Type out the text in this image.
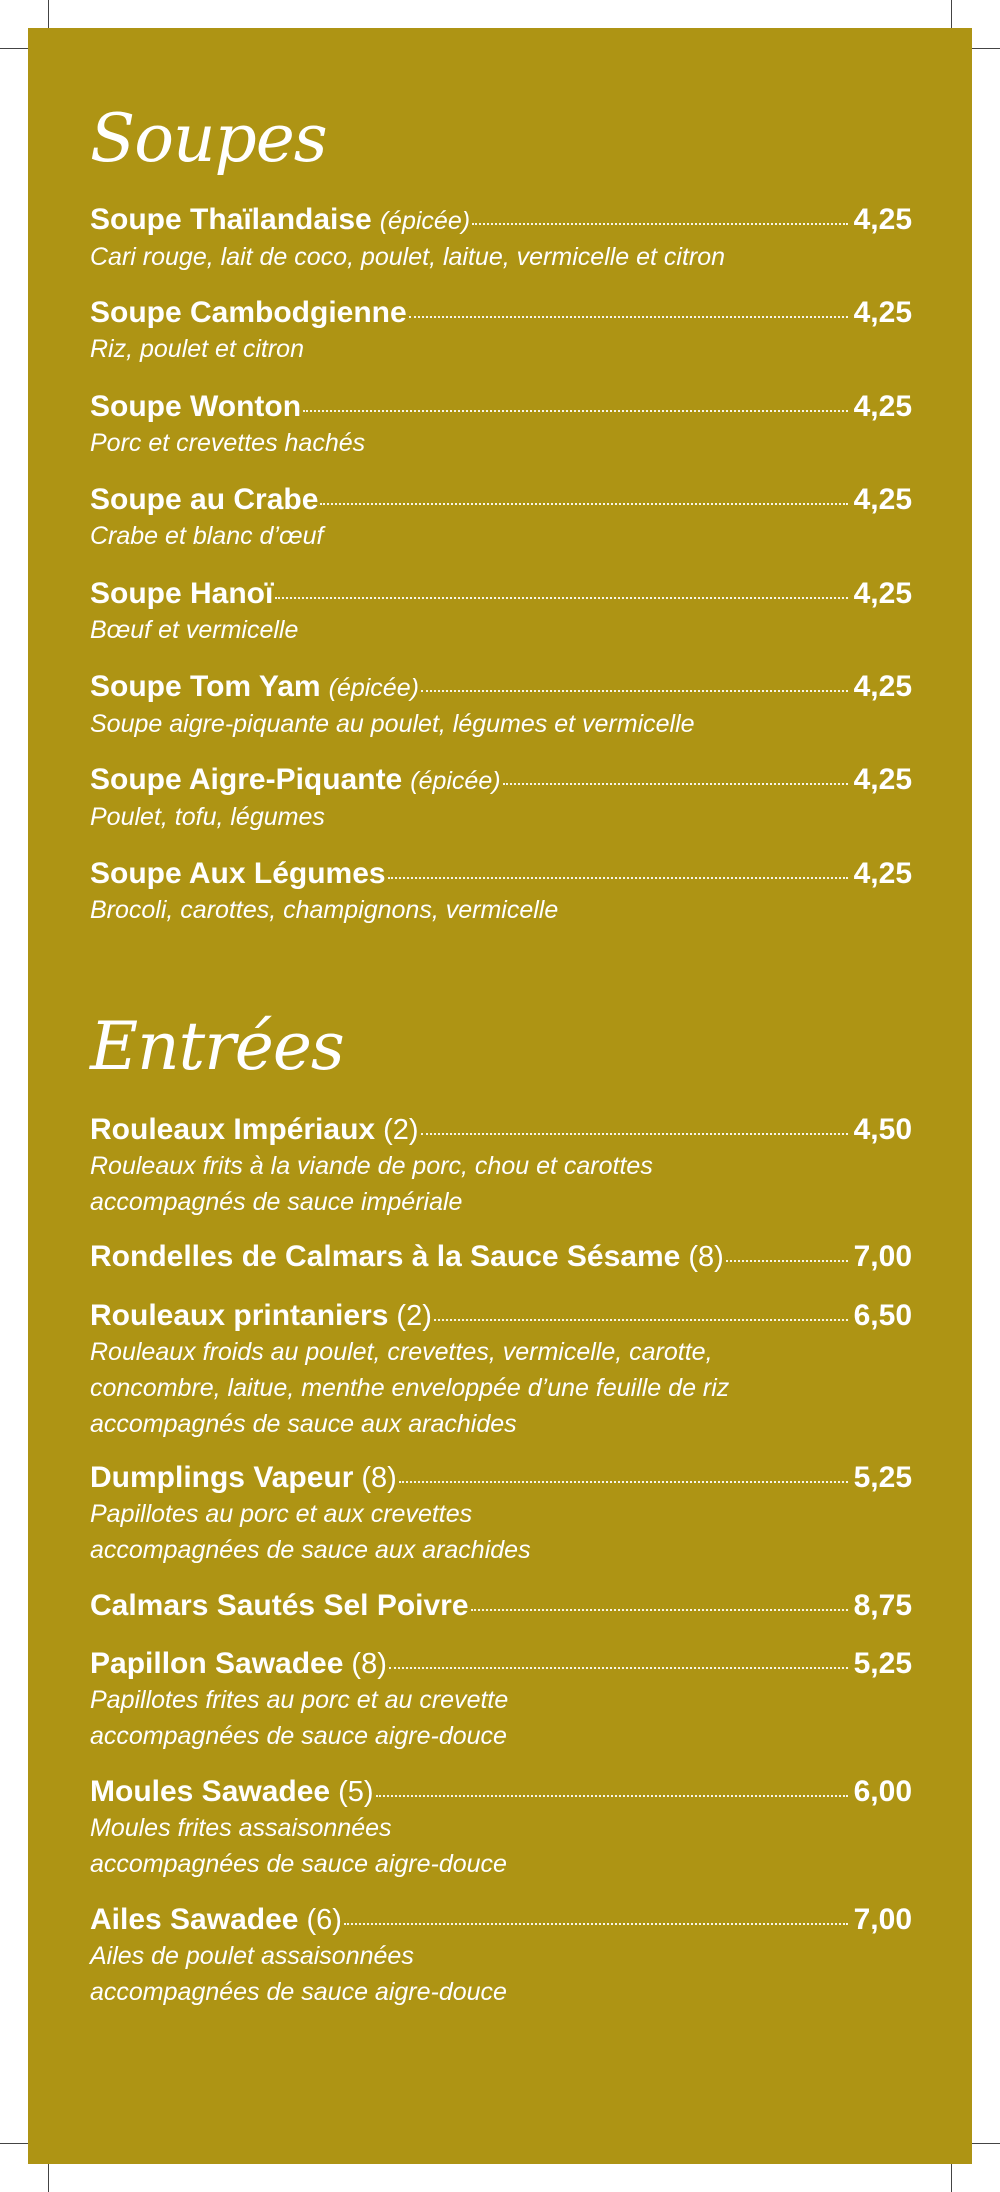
Soupes
Soupe Thaïlandaise (épicée)	4,25
Cari rouge, lait de coco, poulet, laitue, vermicelle et citron
Soupe Cambodgienne	4,25
Riz, poulet et citron
Soupe Wonton	4,25
Porc et crevettes hachés
Soupe au Crabe	4,25
Crabe et blanc d’œuf
Soupe Hanoï	4,25
Bœuf et vermicelle
Soupe Tom Yam (épicée)	4,25
Soupe aigre-piquante au poulet, légumes et vermicelle
Soupe Aigre-Piquante (épicée)	4,25
Poulet, tofu, légumes
Soupe Aux Légumes	4,25
Brocoli, carottes, champignons, vermicelle
Entrées
Rouleaux Impériaux (2)	4,50
Rouleaux frits à la viande de porc, chou et carottes
accompagnés de sauce impériale
Rondelles de Calmars à la Sauce Sésame (8)	7,00
Rouleaux printaniers (2)	6,50
Rouleaux froids au poulet, crevettes, vermicelle, carotte,
concombre, laitue, menthe enveloppée d’une feuille de riz
accompagnés de sauce aux arachides
Dumplings Vapeur (8)	5,25
Papillotes au porc et aux crevettes
accompagnées de sauce aux arachides
Calmars Sautés Sel Poivre	8,75
Papillon Sawadee (8)	5,25
Papillotes frites au porc et au crevette
accompagnées de sauce aigre-douce
Moules Sawadee (5)	6,00
Moules frites assaisonnées
accompagnées de sauce aigre-douce
Ailes Sawadee (6)	7,00
Ailes de poulet assaisonnées
accompagnées de sauce aigre-douce
